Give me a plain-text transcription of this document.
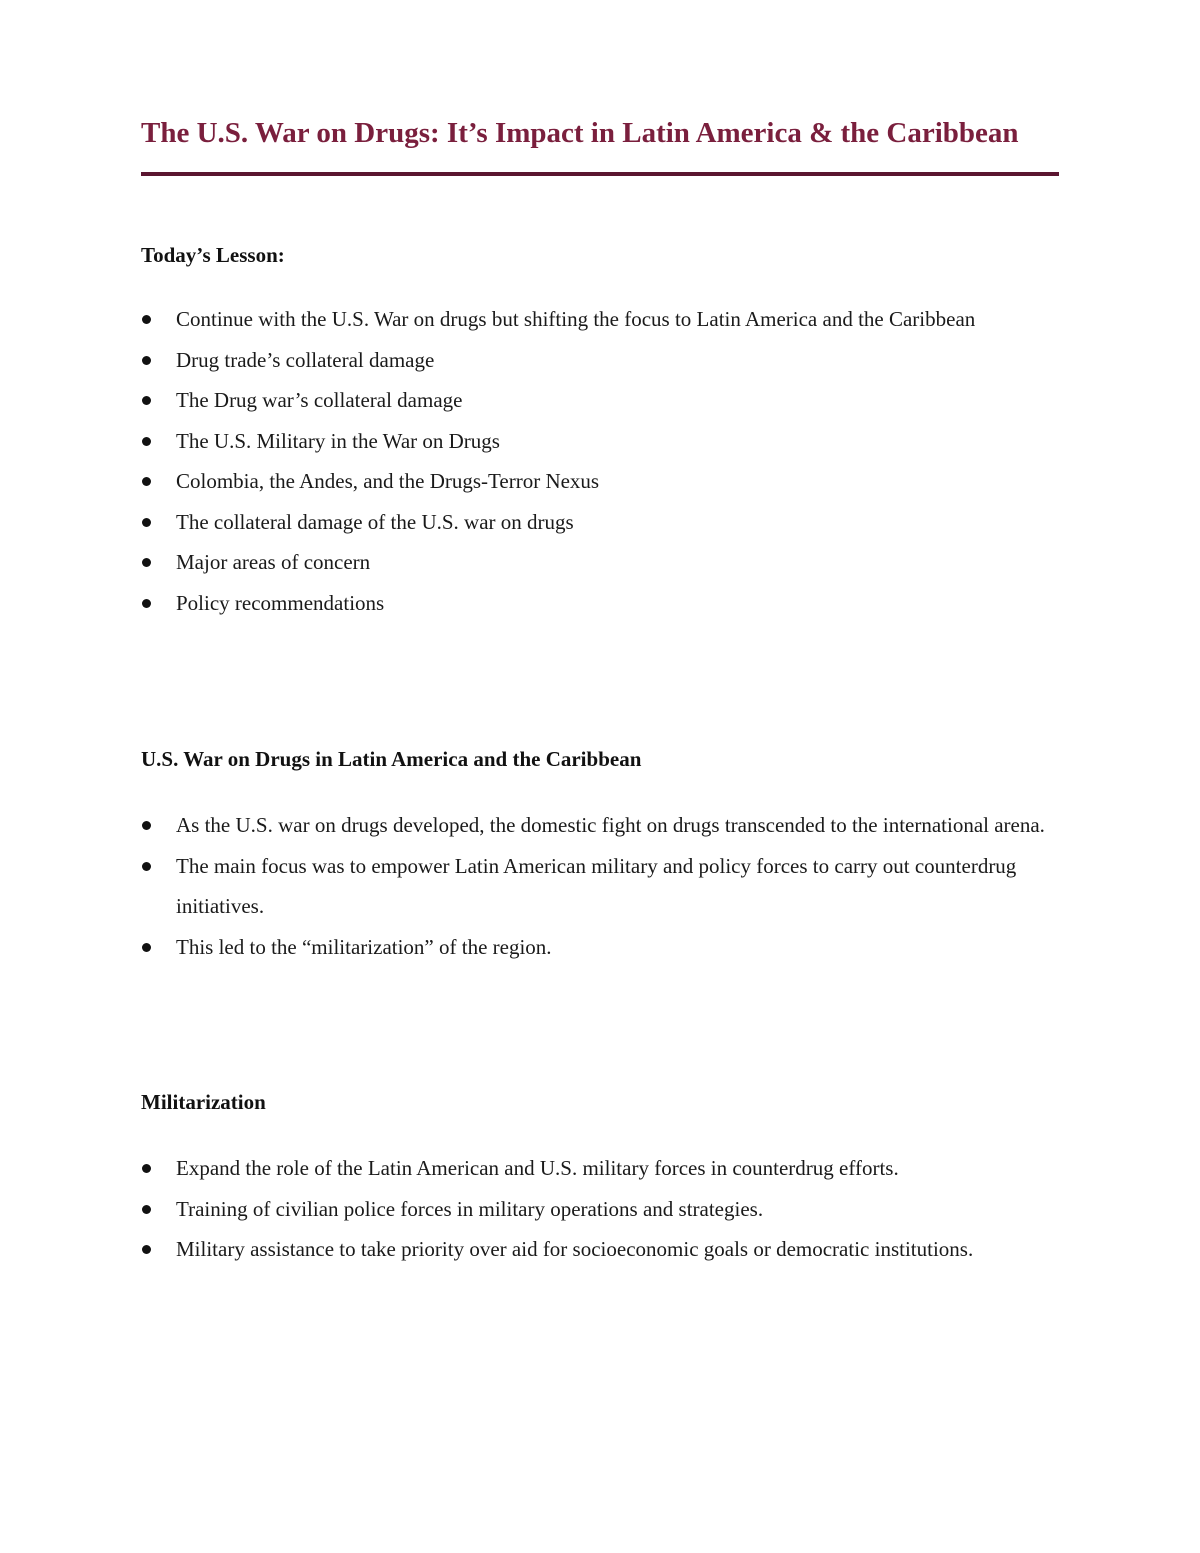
The U.S. War on Drugs: It’s Impact in Latin America & the Caribbean
Today’s Lesson:
Continue with the U.S. War on drugs but shifting the focus to Latin America and the Caribbean
Drug trade’s collateral damage
The Drug war’s collateral damage
The U.S. Military in the War on Drugs
Colombia, the Andes, and the Drugs-Terror Nexus
The collateral damage of the U.S. war on drugs
Major areas of concern
Policy recommendations
U.S. War on Drugs in Latin America and the Caribbean
As the U.S. war on drugs developed, the domestic fight on drugs transcended to the international arena.
The main focus was to empower Latin American military and policy forces to carry out counterdrug initiatives.
This led to the “militarization” of the region.
Militarization
Expand the role of the Latin American and U.S. military forces in counterdrug efforts.
Training of civilian police forces in military operations and strategies.
Military assistance to take priority over aid for socioeconomic goals or democratic institutions.
